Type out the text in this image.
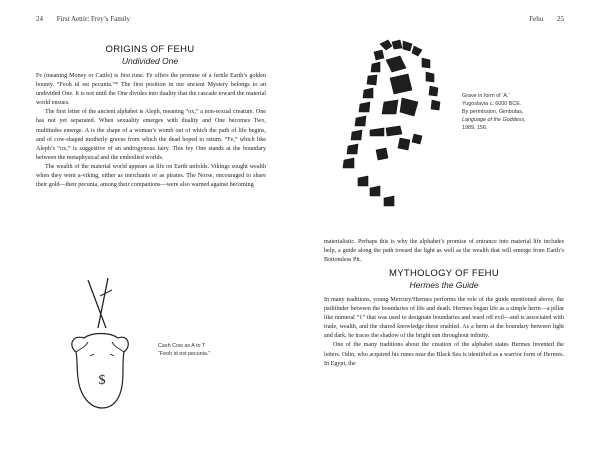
24 First Aettir: Frey’s Family
ORIGINS OF FEHU
Undivided One

Fe (meaning Money or Cattle) is first rune. Fe offers the promise of a fertile Earth’s golden bounty. “Feoh id est pecunia.”* The first position in our ancient Mystery belongs to an undivided One. It is not until the One divides into duality that the cascade toward the material world ensues.

The first letter of the ancient alphabet is Aleph, meaning “ox,” a non-sexual creature. One has not yet separated. When sexuality emerges with duality and One becomes Two, multitudes emerge. A is the shape of a woman’s womb out of which the path of life begins, and of cow-shaped motherly graves from which the dead hoped to return. “Fe,” which like Aleph’s “ox,” is suggestive of an androgynous fairy. This fey One stands at the boundary between the metaphysical and the embodied worlds.

The wealth of the material world appears as life on Earth unfolds. Vikings sought wealth when they went a-viking, either as merchants or as pirates. The Norse, encouraged to share their gold—their pecunia, among their companions—were also warned against becoming

$
Cash Cow as A to T
“Feoh id est pecunia.”
Fehu 25
Grave in form of ‘A,’
Yugoslavia c. 6000 BCE.
By permission, Gimbutas,
Language of the Goddess,
1989, 156.

materialistic. Perhaps this is why the alphabet’s promise of entrance into material life includes help, a guide along the path toward the light as well as the wealth that will emerge from Earth’s Bottomless Pit.

MYTHOLOGY OF FEHU
Hermes the Guide

In many traditions, young Mercury/Hermes performs the role of the guide mentioned above, the pathfinder between the boundaries of life and death. Hermes began life as a simple herm—a pillar like numeral “1” that was used to designate boundaries and ward off evil—and is associated with trade, wealth, and the shared knowledge these enabled. As a herm at the boundary between light and dark, he traces the shadow of the bright sun throughout infinity.

One of the many traditions about the creation of the alphabet states Hermes invented the letters. Odin, who acquired his runes near the Black Sea is identified as a warrior form of Hermes. In Egypt, the
